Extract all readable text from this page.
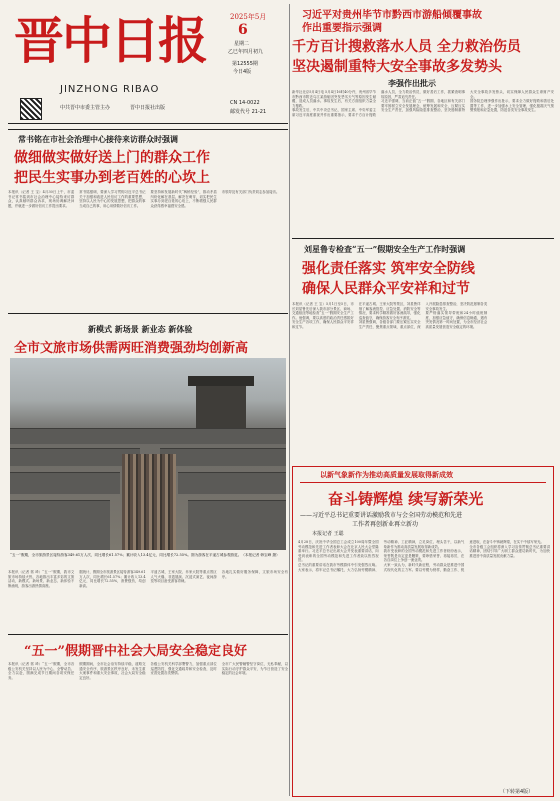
晋中日报
JINZHONG RIBAO
2025年5月
6
星期二
乙巳年四月初九
第12555期
今日4版
中共晋中市委主管主办	晋中日报社出版
CN 14-0022
邮发代号 21-21
习近平对贵州毕节市黔西市游船倾覆事故
作出重要指示强调
千方百计搜救落水人员 全力救治伤员
坚决遏制重特大安全事故多发势头
李强作出批示
新华社北京5月4日电 5月4日16时40分许，贵州省毕节市黔西市附近乌江某游船因突发恶劣天气等原因发生倾覆，造成人员落水。事故发生后，有关方面组织力量全力搜救。
事故发生后，中共中央总书记、国家主席、中央军委主席习近平高度重视并作出重要指示，要求千方百计搜救落水人员，全力救治伤员，做好善后工作，抓紧查明事故原因，严肃追究责任。
习近平强调，当前正值“五一”假期，各地区和有关部门要牢固树立安全发展理念，统筹发展和安全，压紧压实安全生产责任，加强风险隐患排查整治，坚决遏制重特大安全事故多发势头，切实保障人民群众生命财产安全。
国务院总理李强作出批示，要求全力做好搜救和善后处置等工作，进一步加强水上安全管理，强化极端天气预警预报和应急处置，防范各类安全事故发生。
常书铭在市社会治理中心接待来访群众时强调
做细做实做好送上门的群众工作
把民生实事办到老百姓的心坎上
本报讯（记者 王 宝）4月30日上午，市委书记常书铭到市社会治理中心接待来访群众，认真倾听群众诉求，现场协调解决问题，并就进一步做好信访工作提出要求。
常书铭强调，要深入学习贯彻习近平总书记关于加强和改进人民信访工作的重要思想，坚持以人民为中心的发展思想，把群众的事当成自己的事，用心用情做好信访工作。
要坚持和发展新时代“枫桥经验”，推动矛盾纠纷化解在基层、解决在萌芽，切实把民生实事办到老百姓的心坎上，不断增强人民群众获得感幸福感安全感。
市领导及有关部门负责同志参加接访。
刘星鲁专检查“五一”假期安全生产工作时强调
强化责任落实 筑牢安全防线
确保人民群众平安祥和过节
本报讯（记者 王 宝）5月1日至5日，市长刘星鲁先后深入我市部分景区、商场、交通枢纽等地检查“五一”假期安全生产工作。他强调，要以高度的政治责任感抓好安全生产各项工作，确保人民群众平安祥和过节。
在平遥古城、王家大院等景区，刘星鲁详细了解客流管控、应急处置、消防安全等情况，要求科学精准做好客流疏导，强化巡查值守，确保游客安全有序游览。
刘星鲁强调，各级各部门要压紧压实安全生产责任，聚焦重点领域、重点部位，深入开展隐患排查整治，坚决防范遏制各类安全事故发生。
要严格落实领导带班和24小时值班制度，加强应急值守，确保信息畅通，遇有突发情况第一时间处置，为全市经济社会高质量发展营造安全稳定的环境。
新模式 新场景 新业态 新体验
全市文旅市场供需两旺消费强劲均创新高
“五一”假期，全市旅游景区接待游客349.61万人次，同比增长61.57%；累计收入13.4亿元，同比增长72.55%。图为游客在平遥古城参观游览。（本报记者 韩宝峰 摄）
本报讯（记者 郭 琦）“五一”假期，我市文旅市场持续火热，各地推出丰富多彩的文旅活动，新模式、新场景、新业态、新体验不断涌现，游客出游热情高涨。
据统计，假期全市旅游景区接待游客349.61万人次，同比增长61.57%；累计收入13.4亿元，同比增长72.55%，消费强劲，均创新高。
平遥古城、王家大院、乔家大院等重点景区人气火爆，非遗展演、沉浸式演艺、夜间游览等项目备受游客青睐。
各地扎实做好服务保障，文旅市场安全有序。
“五一”假期晋中社会大局安全稳定良好
本报讯（记者 郭 琦）“五一”假期，全市各级公安机关坚持以人民为中心，全警动员、全力以赴，圆满完成节日期间各项安保任务。
假期期间，全市社会治安持续平稳，道路交通安全有序，旅游景区秩序良好，未发生重大案事件和重大安全事故，社会大局安全稳定良好。
各级公安机关科学部署警力，加强重点部位巡逻防控，强化交通疏导和安全检查，及时妥善处置各类警情。
全市广大民警辅警坚守岗位、无私奉献，以实际行动守护群众平安，为节日营造了安全稳定的社会环境。
以新气象新作为推动高质量发展取得新成效
奋斗铸辉煌 续写新荣光
——习近平总书记重要讲话激励我市与会全国劳动模范和先进
工作者再创新业再立新功
本报记者 王聪
4月28日，庆祝中华全国总工会成立100周年暨全国劳动模范和先进工作者表彰大会在北京人民大会堂隆重举行。习近平总书记出席大会并发表重要讲话，向受到表彰的全国劳动模范和先进工作者致以热烈祝贺。
总书记的重要讲话在我市劳模群体中引发强烈反响。大家表示，将牢记总书记嘱托，大力弘扬劳模精神、劳动精神、工匠精神，立足岗位、埋头苦干，以新气象新作为推动高质量发展取得新成效。
我市受表彰的全国劳动模范和先进工作者纷纷表示，荣誉既是肯定更是鞭策，要珍惜荣誉、再接再厉，在各自岗位上争创一流业绩。
大家一致认为，新时代新征程，劳动群众是推进中国式现代化的主力军。要以劳模为榜样，勤奋工作、锐意进取，在奋斗中铸就辉煌，在实干中续写荣光。
全市各级工会组织将深入学习宣传贯彻总书记重要讲话精神，团结引导广大职工群众建功新时代，为加快推进晋中高质量发展贡献力量。
（下转第4版）
